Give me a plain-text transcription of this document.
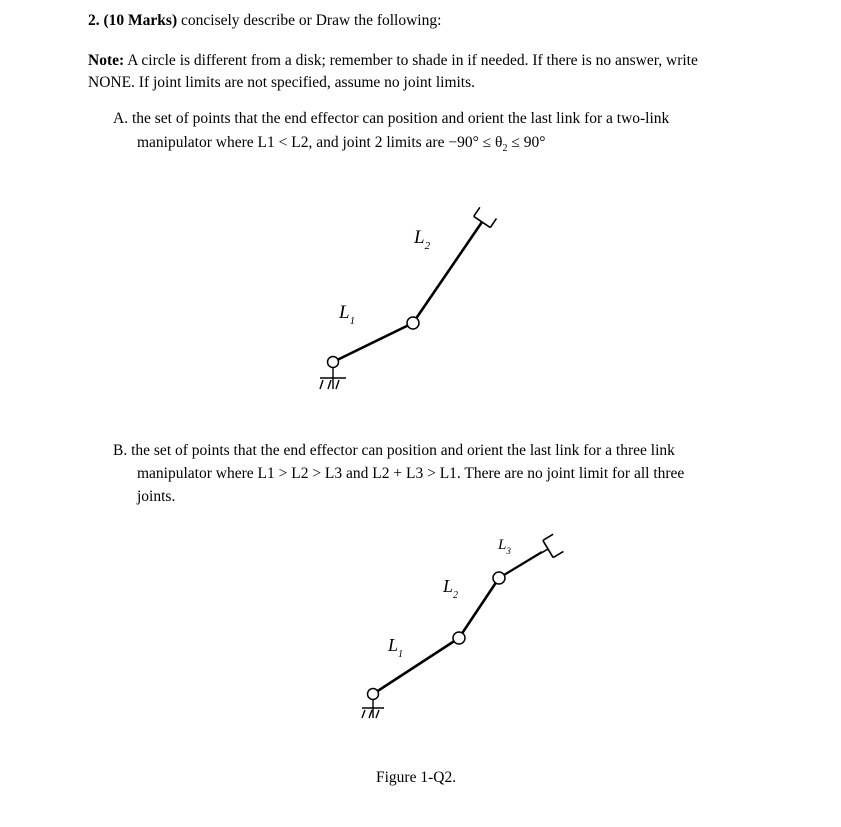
2. (10 Marks) concisely describe or Draw the following:
Note: A circle is different from a disk; remember to shade in if needed. If there is no answer, write
NONE. If joint limits are not specified, assume no joint limits.
A. the set of points that the end effector can position and orient the last link for a two-link
manipulator where L1 < L2, and joint 2 limits are $-90^\circ \le \theta_2 \le 90^\circ$
B. the set of points that the end effector can position and orient the last link for a three link
manipulator where L1 > L2 > L3 and L2 + L3 > L1. There are no joint limit for all three
joints.
$L_1$
$L_2$
$L_1$
$L_2$
$L_3$
Figure 1-Q2.
